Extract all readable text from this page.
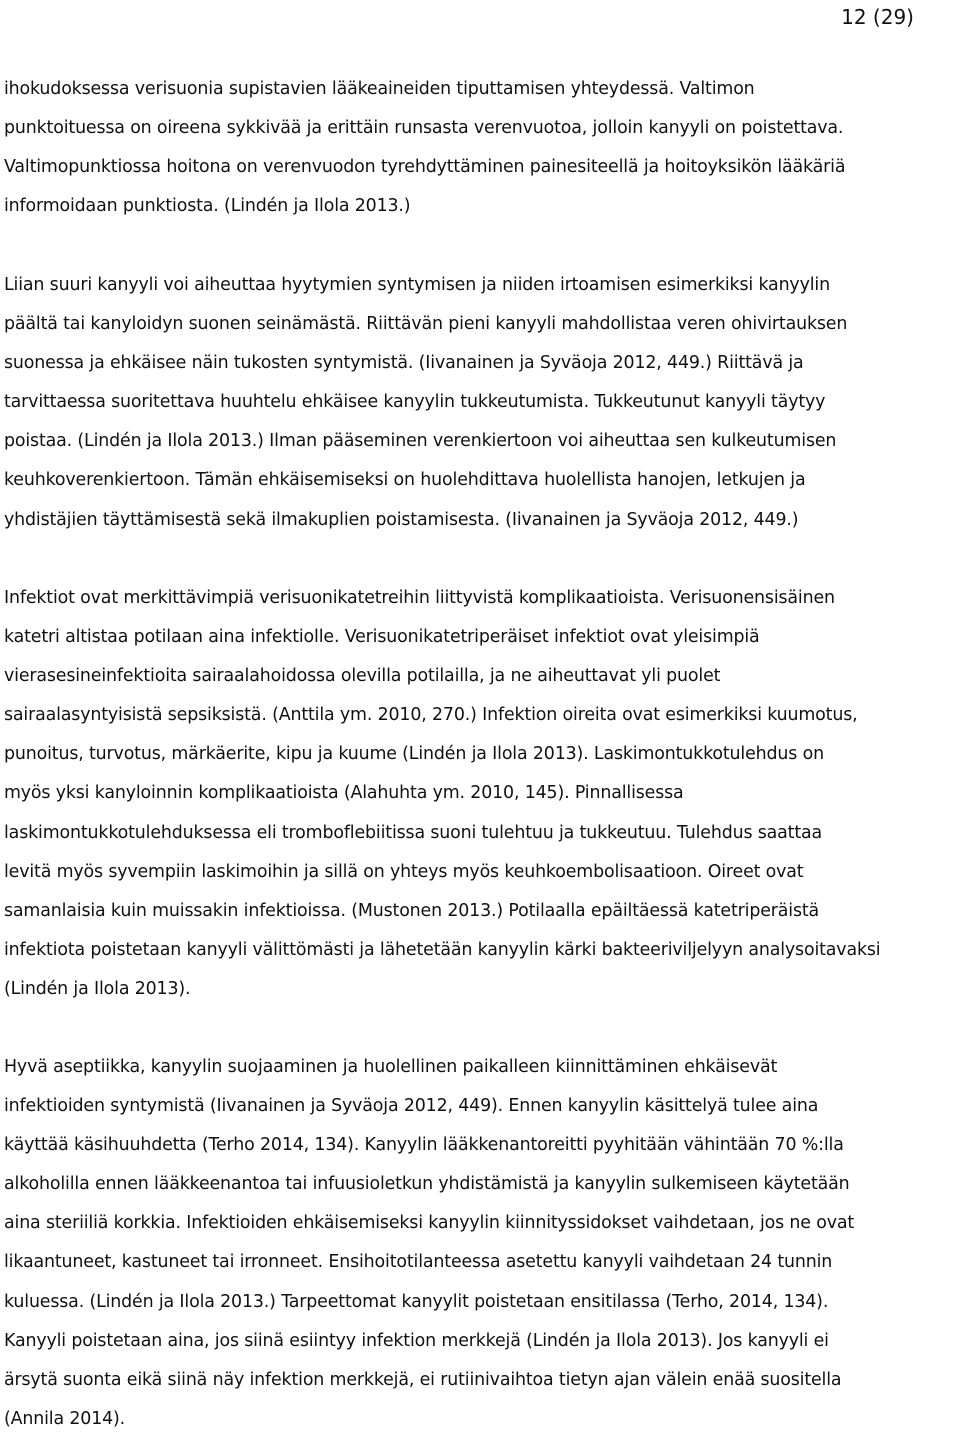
12 (29)
ihokudoksessa verisuonia supistavien lääkeaineiden tiputtamisen yhteydessä. Valtimon
punktoituessa on oireena sykkivää ja erittäin runsasta verenvuotoa, jolloin kanyyli on poistettava.
Valtimopunktiossa hoitona on verenvuodon tyrehdyttäminen painesiteellä ja hoitoyksikön lääkäriä
informoidaan punktiosta. (Lindén ja Ilola 2013.)
Liian suuri kanyyli voi aiheuttaa hyytymien syntymisen ja niiden irtoamisen esimerkiksi kanyylin
päältä tai kanyloidyn suonen seinämästä. Riittävän pieni kanyyli mahdollistaa veren ohivirtauksen
suonessa ja ehkäisee näin tukosten syntymistä. (Iivanainen ja Syväoja 2012, 449.) Riittävä ja
tarvittaessa suoritettava huuhtelu ehkäisee kanyylin tukkeutumista. Tukkeutunut kanyyli täytyy
poistaa. (Lindén ja Ilola 2013.) Ilman pääseminen verenkiertoon voi aiheuttaa sen kulkeutumisen
keuhkoverenkiertoon. Tämän ehkäisemiseksi on huolehdittava huolellista hanojen, letkujen ja
yhdistäjien täyttämisestä sekä ilmakuplien poistamisesta. (Iivanainen ja Syväoja 2012, 449.)
Infektiot ovat merkittävimpiä verisuonikatetreihin liittyvistä komplikaatioista. Verisuonensisäinen
katetri altistaa potilaan aina infektiolle. Verisuonikatetriperäiset infektiot ovat yleisimpiä
vierasesineinfektioita sairaalahoidossa olevilla potilailla, ja ne aiheuttavat yli puolet
sairaalasyntyisistä sepsiksistä. (Anttila ym. 2010, 270.) Infektion oireita ovat esimerkiksi kuumotus,
punoitus, turvotus, märkäerite, kipu ja kuume (Lindén ja Ilola 2013). Laskimontukkotulehdus on
myös yksi kanyloinnin komplikaatioista (Alahuhta ym. 2010, 145). Pinnallisessa
laskimontukkotulehduksessa eli tromboflebiitissa suoni tulehtuu ja tukkeutuu. Tulehdus saattaa
levitä myös syvempiin laskimoihin ja sillä on yhteys myös keuhkoembolisaatioon. Oireet ovat
samanlaisia kuin muissakin infektioissa. (Mustonen 2013.) Potilaalla epäiltäessä katetriperäistä
infektiota poistetaan kanyyli välittömästi ja lähetetään kanyylin kärki bakteeriviljelyyn analysoitavaksi
(Lindén ja Ilola 2013).
Hyvä aseptiikka, kanyylin suojaaminen ja huolellinen paikalleen kiinnittäminen ehkäisevät
infektioiden syntymistä (Iivanainen ja Syväoja 2012, 449). Ennen kanyylin käsittelyä tulee aina
käyttää käsihuuhdetta (Terho 2014, 134). Kanyylin lääkkenantoreitti pyyhitään vähintään 70 %:lla
alkoholilla ennen lääkkeenantoa tai infuusioletkun yhdistämistä ja kanyylin sulkemiseen käytetään
aina steriiliä korkkia. Infektioiden ehkäisemiseksi kanyylin kiinnityssidokset vaihdetaan, jos ne ovat
likaantuneet, kastuneet tai irronneet. Ensihoitotilanteessa asetettu kanyyli vaihdetaan 24 tunnin
kuluessa. (Lindén ja Ilola 2013.) Tarpeettomat kanyylit poistetaan ensitilassa (Terho, 2014, 134).
Kanyyli poistetaan aina, jos siinä esiintyy infektion merkkejä (Lindén ja Ilola 2013). Jos kanyyli ei
ärsytä suonta eikä siinä näy infektion merkkejä, ei rutiinivaihtoa tietyn ajan välein enää suositella
(Annila 2014).
